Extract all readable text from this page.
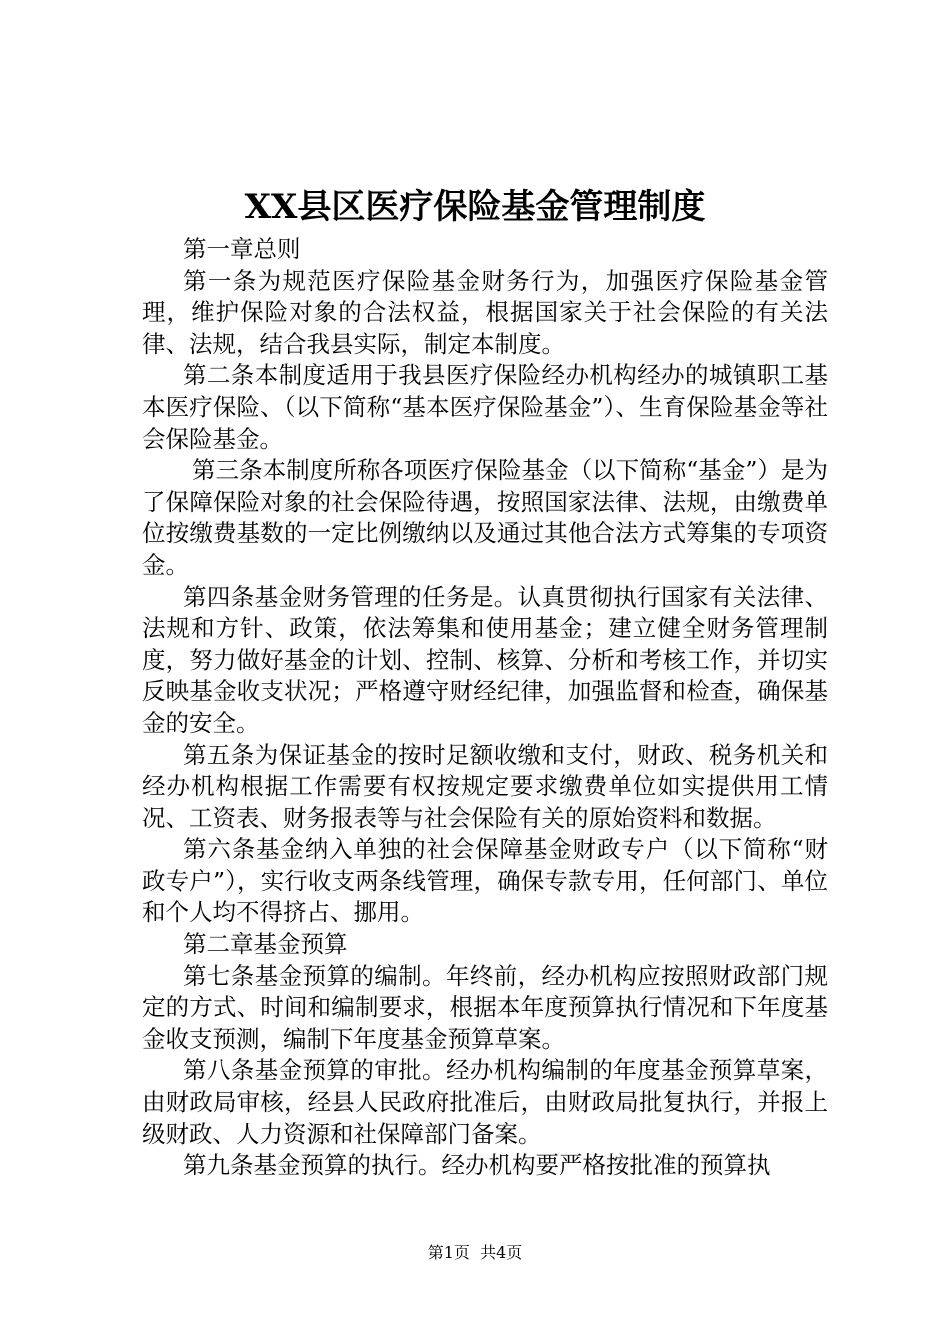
XX县区医疗保险基金管理制度

第一章总则

第一条为规范医疗保险基金财务行为，加强医疗保险基金管理，维护保险对象的合法权益，根据国家关于社会保险的有关法律、法规，结合我县实际，制定本制度。

第二条本制度适用于我县医疗保险经办机构经办的城镇职工基本医疗保险、（以下简称“基本医疗保险基金”）、生育保险基金等社会保险基金。

第三条本制度所称各项医疗保险基金（以下简称“基金”）是为了保障保险对象的社会保险待遇，按照国家法律、法规，由缴费单位按缴费基数的一定比例缴纳以及通过其他合法方式筹集的专项资金。

第四条基金财务管理的任务是。认真贯彻执行国家有关法律、法规和方针、政策，依法筹集和使用基金；建立健全财务管理制度，努力做好基金的计划、控制、核算、分析和考核工作，并切实反映基金收支状况；严格遵守财经纪律，加强监督和检查，确保基金的安全。

第五条为保证基金的按时足额收缴和支付，财政、税务机关和经办机构根据工作需要有权按规定要求缴费单位如实提供用工情况、工资表、财务报表等与社会保险有关的原始资料和数据。

第六条基金纳入单独的社会保障基金财政专户（以下简称“财政专户”），实行收支两条线管理，确保专款专用，任何部门、单位和个人均不得挤占、挪用。

第二章基金预算

第七条基金预算的编制。年终前，经办机构应按照财政部门规定的方式、时间和编制要求，根据本年度预算执行情况和下年度基金收支预测，编制下年度基金预算草案。

第八条基金预算的审批。经办机构编制的年度基金预算草案，由财政局审核，经县人民政府批准后，由财政局批复执行，并报上级财政、人力资源和社保障部门备案。

第九条基金预算的执行。经办机构要严格按批准的预算执

第1页 共4页
